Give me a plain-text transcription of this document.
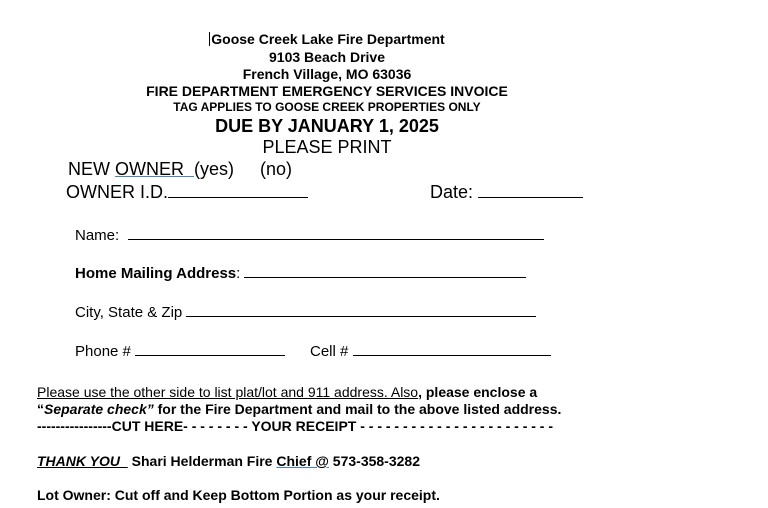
Goose Creek Lake Fire Department
9103 Beach Drive
French Village, MO 63036
FIRE DEPARTMENT EMERGENCY SERVICES INVOICE
TAG APPLIES TO GOOSE CREEK PROPERTIES ONLY
DUE BY JANUARY 1, 2025
PLEASE PRINT
NEW OWNER  (yes) (no)
OWNER I.D.	Date:
Name:
Home Mailing Address:
City, State & Zip
Phone #	Cell #
Please use the other side to list plat/lot and 911 address. Also, please enclose a
“Separate check” for the Fire Department and mail to the above listed address.
----------------CUT HERE- - - - - - - - YOUR RECEIPT - - - - - - - - - - - - - - - - - - - - - - -
THANK YOU   Shari Helderman Fire Chief @ 573-358-3282
Lot Owner: Cut off and Keep Bottom Portion as your receipt.
